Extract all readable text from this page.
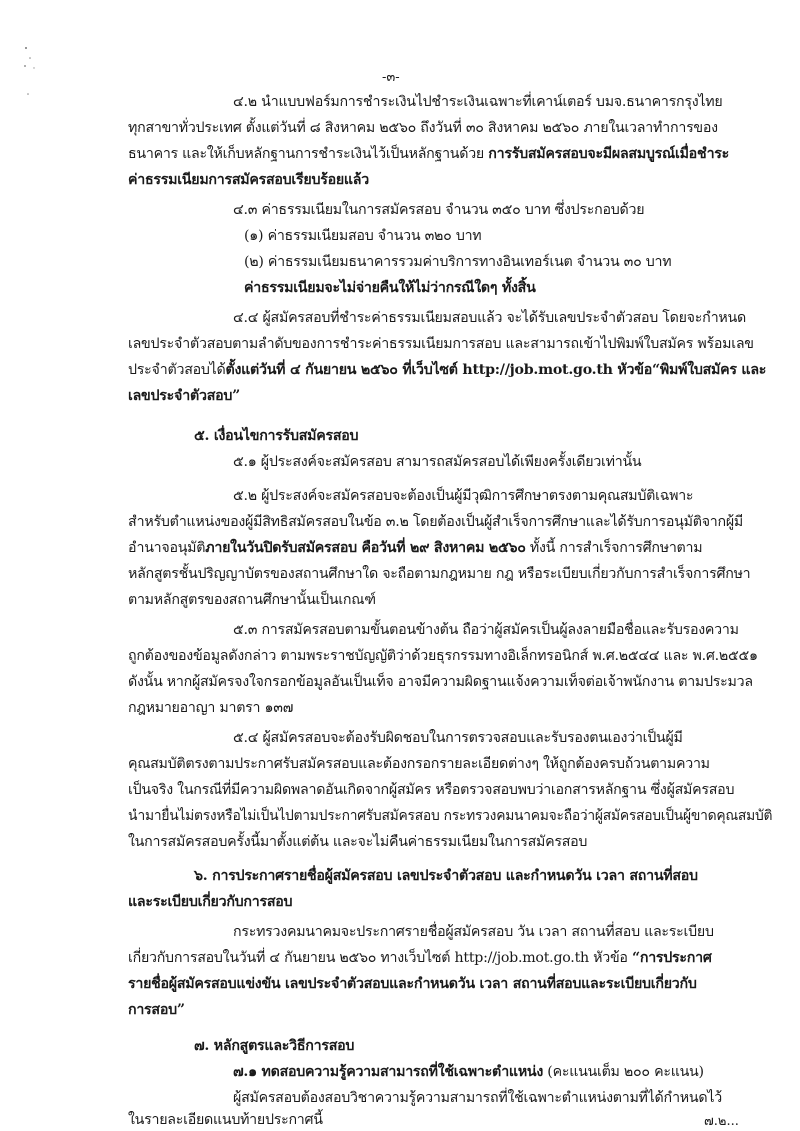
-๓-
๔.๒ นำแบบฟอร์มการชำระเงินไปชำระเงินเฉพาะที่เคาน์เตอร์ บมจ.ธนาคารกรุงไทย
ทุกสาขาทั่วประเทศ ตั้งแต่วันที่ ๘ สิงหาคม ๒๕๖๐ ถึงวันที่ ๓๐ สิงหาคม ๒๕๖๐ ภายในเวลาทำการของ
ธนาคาร และให้เก็บหลักฐานการชำระเงินไว้เป็นหลักฐานด้วย การรับสมัครสอบจะมีผลสมบูรณ์เมื่อชำระ
ค่าธรรมเนียมการสมัครสอบเรียบร้อยแล้ว
๔.๓ ค่าธรรมเนียมในการสมัครสอบ จำนวน ๓๕๐ บาท ซึ่งประกอบด้วย
(๑) ค่าธรรมเนียมสอบ จำนวน ๓๒๐ บาท
(๒) ค่าธรรมเนียมธนาคารรวมค่าบริการทางอินเทอร์เนต จำนวน ๓๐ บาท
ค่าธรรมเนียมจะไม่จ่ายคืนให้ไม่ว่ากรณีใดๆ ทั้งสิ้น
๔.๔ ผู้สมัครสอบที่ชำระค่าธรรมเนียมสอบแล้ว จะได้รับเลขประจำตัวสอบ โดยจะกำหนด
เลขประจำตัวสอบตามลำดับของการชำระค่าธรรมเนียมการสอบ และสามารถเข้าไปพิมพ์ใบสมัคร พร้อมเลข
ประจำตัวสอบได้ตั้งแต่วันที่ ๔ กันยายน ๒๕๖๐ ที่เว็บไซต์ http://job.mot.go.th หัวข้อ“พิมพ์ใบสมัคร และ
เลขประจำตัวสอบ”
๕. เงื่อนไขการรับสมัครสอบ
๕.๑ ผู้ประสงค์จะสมัครสอบ สามารถสมัครสอบได้เพียงครั้งเดียวเท่านั้น
๕.๒ ผู้ประสงค์จะสมัครสอบจะต้องเป็นผู้มีวุฒิการศึกษาตรงตามคุณสมบัติเฉพาะ
สำหรับตำแหน่งของผู้มีสิทธิสมัครสอบในข้อ ๓.๒ โดยต้องเป็นผู้สำเร็จการศึกษาและได้รับการอนุมัติจากผู้มี
อำนาจอนุมัติภายในวันปิดรับสมัครสอบ คือวันที่ ๒๙ สิงหาคม ๒๕๖๐ ทั้งนี้ การสำเร็จการศึกษาตาม
หลักสูตรชั้นปริญญาบัตรของสถานศึกษาใด จะถือตามกฎหมาย กฎ หรือระเบียบเกี่ยวกับการสำเร็จการศึกษา
ตามหลักสูตรของสถานศึกษานั้นเป็นเกณฑ์
๕.๓ การสมัครสอบตามขั้นตอนข้างต้น ถือว่าผู้สมัครเป็นผู้ลงลายมือชื่อและรับรองความ
ถูกต้องของข้อมูลดังกล่าว ตามพระราชบัญญัติว่าด้วยธุรกรรมทางอิเล็กทรอนิกส์ พ.ศ.๒๕๔๔ และ พ.ศ.๒๕๕๑
ดังนั้น หากผู้สมัครจงใจกรอกข้อมูลอันเป็นเท็จ อาจมีความผิดฐานแจ้งความเท็จต่อเจ้าพนักงาน ตามประมวล
กฎหมายอาญา มาตรา ๑๓๗
๕.๔ ผู้สมัครสอบจะต้องรับผิดชอบในการตรวจสอบและรับรองตนเองว่าเป็นผู้มี
คุณสมบัติตรงตามประกาศรับสมัครสอบและต้องกรอกรายละเอียดต่างๆ ให้ถูกต้องครบถ้วนตามความ
เป็นจริง ในกรณีที่มีความผิดพลาดอันเกิดจากผู้สมัคร หรือตรวจสอบพบว่าเอกสารหลักฐาน ซึ่งผู้สมัครสอบ
นำมายื่นไม่ตรงหรือไม่เป็นไปตามประกาศรับสมัครสอบ กระทรวงคมนาคมจะถือว่าผู้สมัครสอบเป็นผู้ขาดคุณสมบัติ
ในการสมัครสอบครั้งนี้มาตั้งแต่ต้น และจะไม่คืนค่าธรรมเนียมในการสมัครสอบ
๖. การประกาศรายชื่อผู้สมัครสอบ เลขประจำตัวสอบ และกำหนดวัน เวลา สถานที่สอบ
และระเบียบเกี่ยวกับการสอบ
กระทรวงคมนาคมจะประกาศรายชื่อผู้สมัครสอบ วัน เวลา สถานที่สอบ และระเบียบ
เกี่ยวกับการสอบในวันที่ ๔ กันยายน ๒๕๖๐ ทางเว็บไซต์ http://job.mot.go.th หัวข้อ “การประกาศ
รายชื่อผู้สมัครสอบแข่งขัน เลขประจำตัวสอบและกำหนดวัน เวลา สถานที่สอบและระเบียบเกี่ยวกับ
การสอบ”
๗. หลักสูตรและวิธีการสอบ
๗.๑ ทดสอบความรู้ความสามารถที่ใช้เฉพาะตำแหน่ง (คะแนนเต็ม ๒๐๐ คะแนน)
ผู้สมัครสอบต้องสอบวิชาความรู้ความสามารถที่ใช้เฉพาะตำแหน่งตามที่ได้กำหนดไว้
ในรายละเอียดแนบท้ายประกาศนี้	๗.๒...
